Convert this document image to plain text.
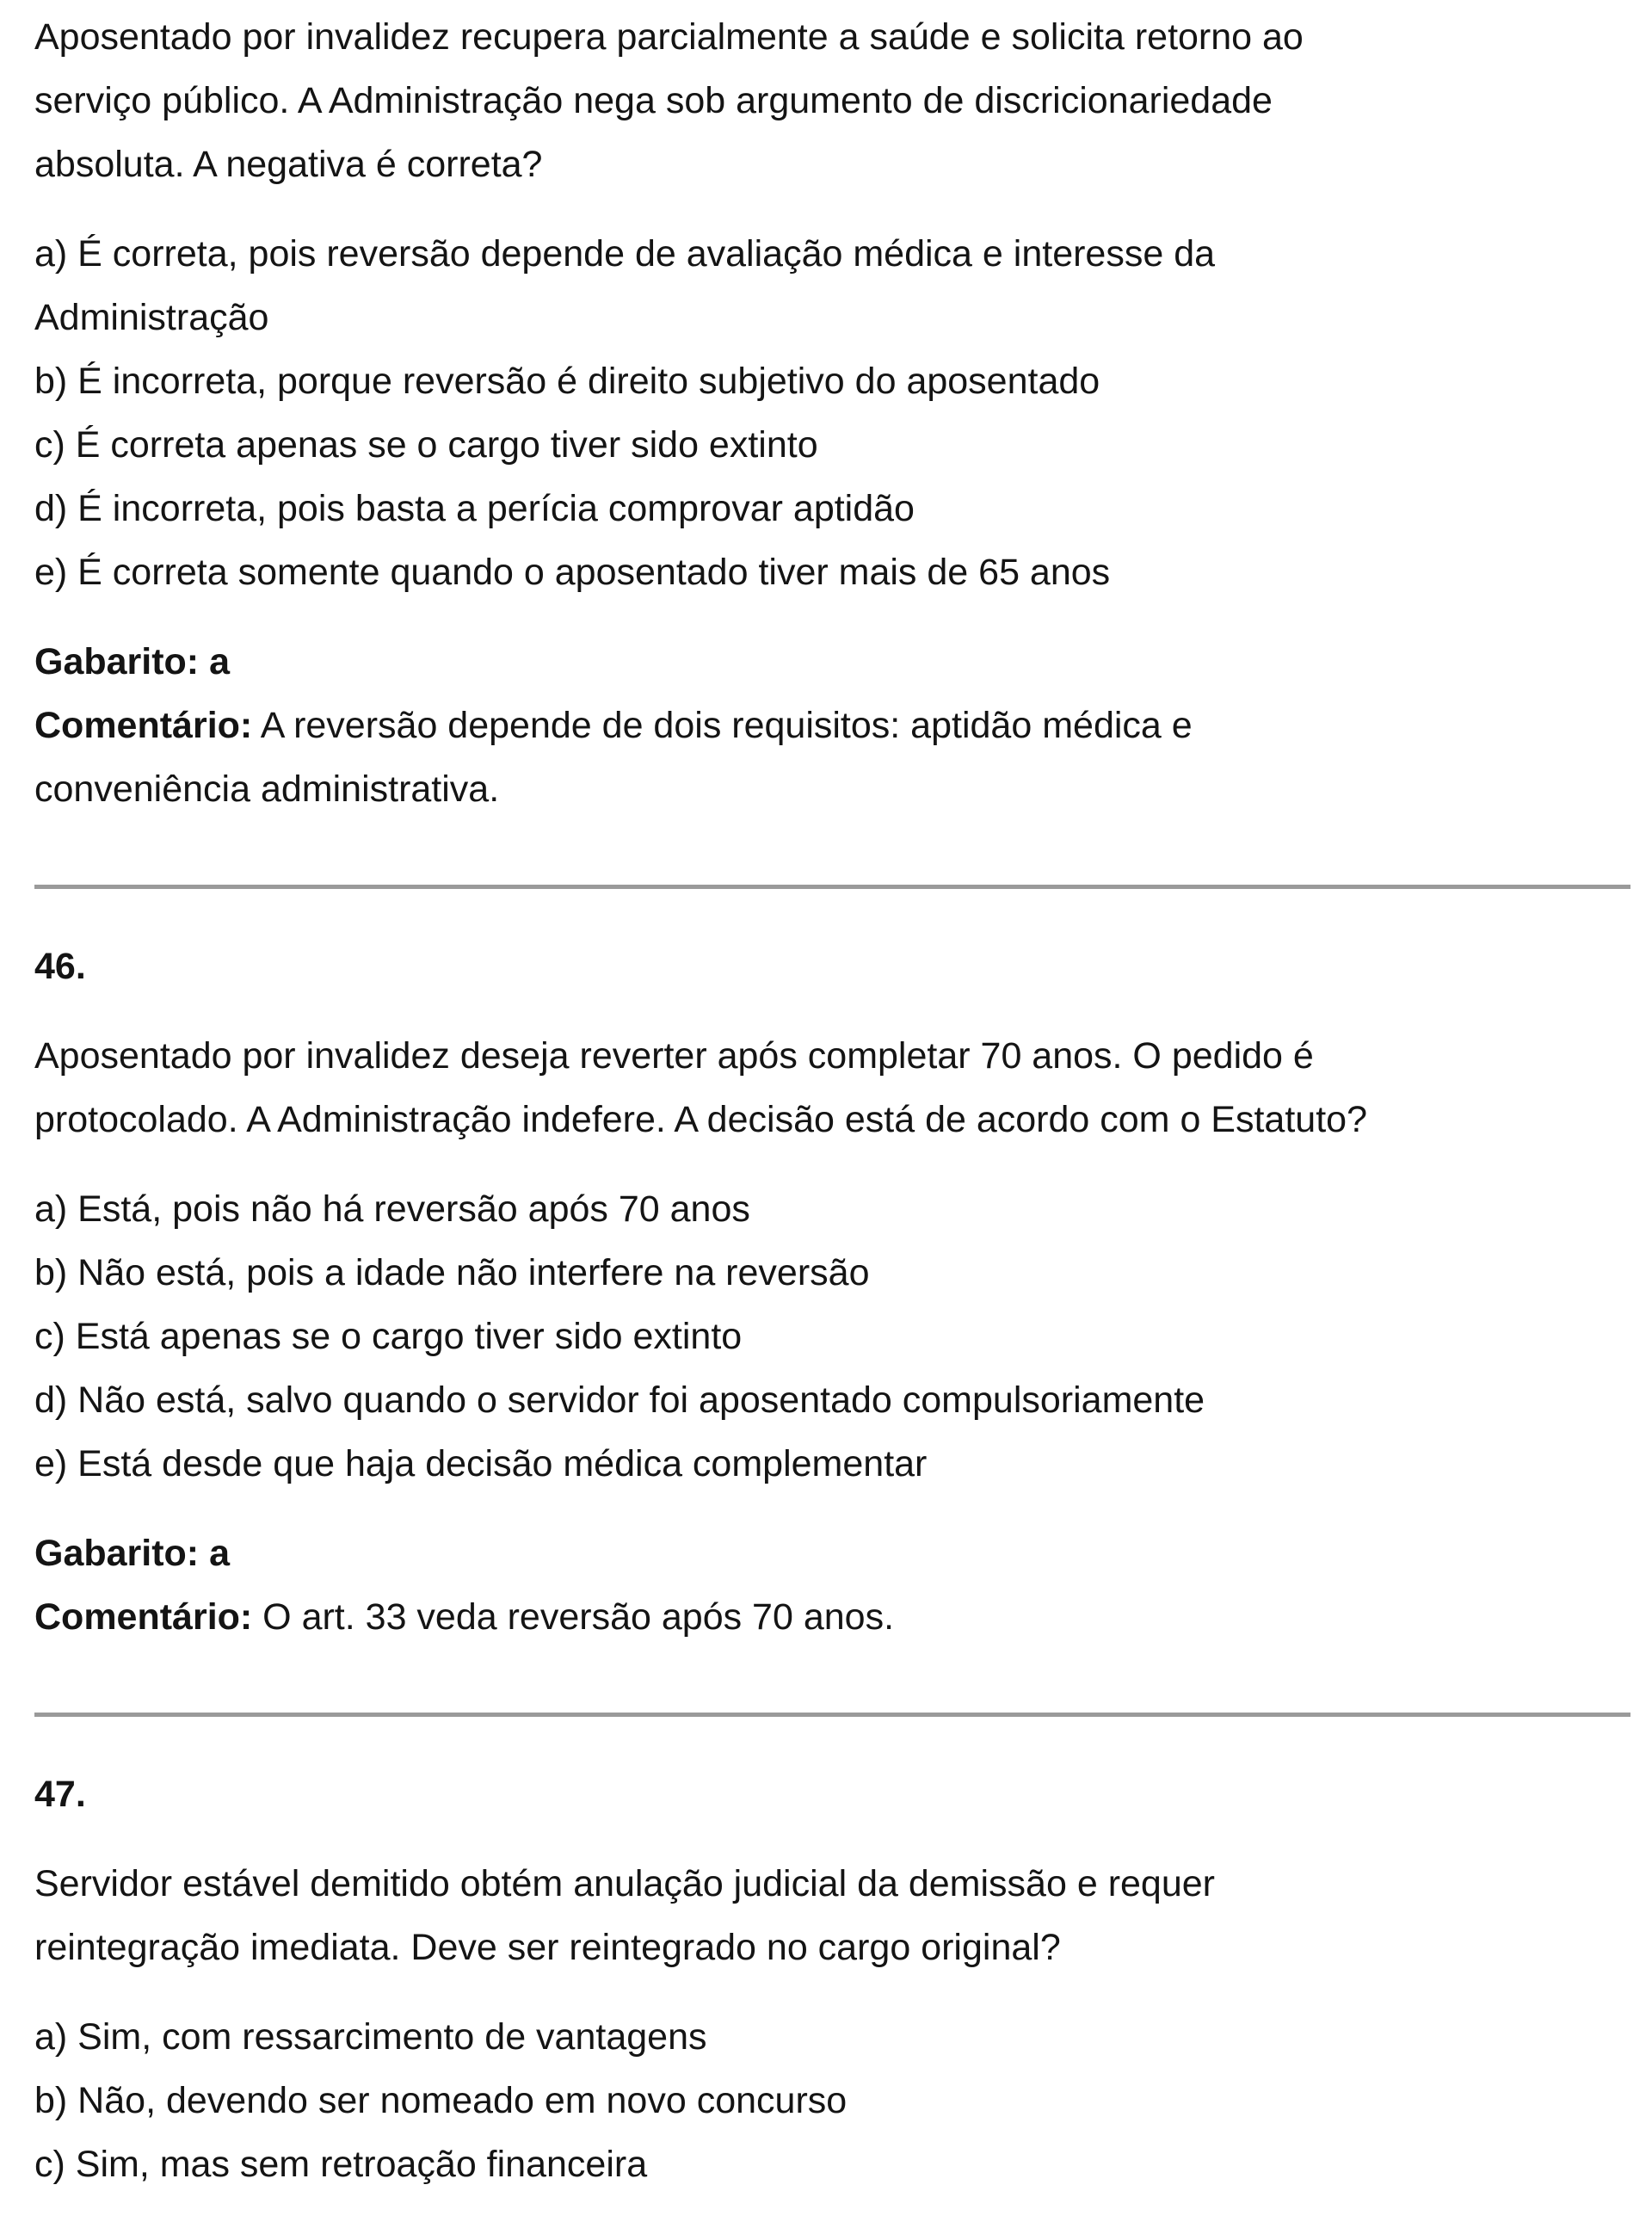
Aposentado por invalidez recupera parcialmente a saúde e solicita retorno ao

serviço público. A Administração nega sob argumento de discricionariedade

absoluta. A negativa é correta?

a) É correta, pois reversão depende de avaliação médica e interesse da

Administração

b) É incorreta, porque reversão é direito subjetivo do aposentado

c) É correta apenas se o cargo tiver sido extinto

d) É incorreta, pois basta a perícia comprovar aptidão

e) É correta somente quando o aposentado tiver mais de 65 anos

Gabarito: a

Comentário: A reversão depende de dois requisitos: aptidão médica e

conveniência administrativa.

46.

Aposentado por invalidez deseja reverter após completar 70 anos. O pedido é

protocolado. A Administração indefere. A decisão está de acordo com o Estatuto?

a) Está, pois não há reversão após 70 anos

b) Não está, pois a idade não interfere na reversão

c) Está apenas se o cargo tiver sido extinto

d) Não está, salvo quando o servidor foi aposentado compulsoriamente

e) Está desde que haja decisão médica complementar

Gabarito: a

Comentário: O art. 33 veda reversão após 70 anos.

47.

Servidor estável demitido obtém anulação judicial da demissão e requer

reintegração imediata. Deve ser reintegrado no cargo original?

a) Sim, com ressarcimento de vantagens

b) Não, devendo ser nomeado em novo concurso

c) Sim, mas sem retroação financeira
